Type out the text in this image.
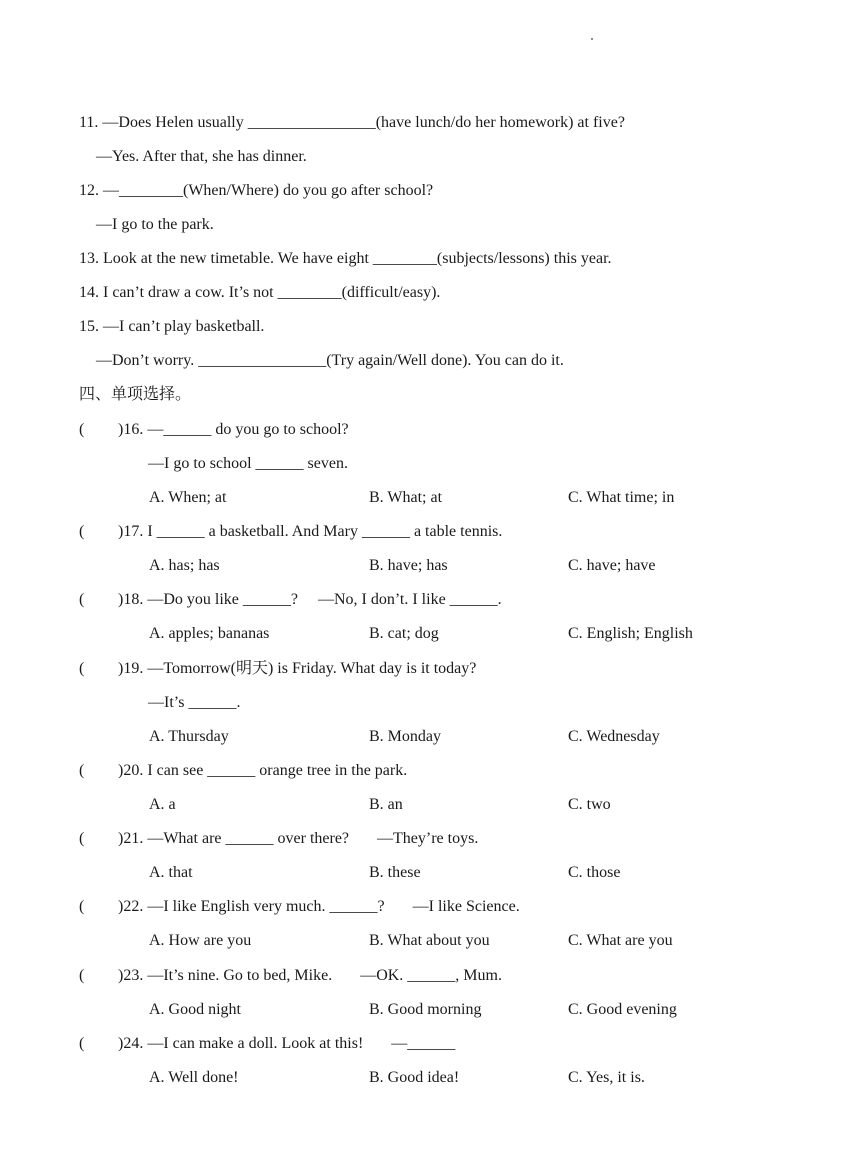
11. —Does Helen usually ________________(have lunch/do her homework) at five?
—Yes. After that, she has dinner.
12. —________(When/Where) do you go after school?
—I go to the park.
13. Look at the new timetable. We have eight ________(subjects/lessons) this year.
14. I can’t draw a cow. It’s not ________(difficult/easy).
15. —I can’t play basketball.
—Don’t worry. ________________(Try again/Well done). You can do it.
四、单项选择。
( )16. —______ do you go to school?
—I go to school ______ seven.
A. When; at	B. What; at	C. What time; in
( )17. I ______ a basketball. And Mary ______ a table tennis.
A. has; has	B. have; has	C. have; have
( )18. —Do you like ______?     —No, I don’t. I like ______.
A. apples; bananas	B. cat; dog	C. English; English
( )19. —Tomorrow(明天) is Friday. What day is it today?
—It’s ______.
A. Thursday	B. Monday	C. Wednesday
( )20. I can see ______ orange tree in the park.
A. a	B. an	C. two
( )21. —What are ______ over there?       —They’re toys.
A. that	B. these	C. those
( )22. —I like English very much. ______?       —I like Science.
A. How are you	B. What about you	C. What are you
( )23. —It’s nine. Go to bed, Mike.       —OK. ______, Mum.
A. Good night	B. Good morning	C. Good evening
( )24. —I can make a doll. Look at this!       —______
A. Well done!	B. Good idea!	C. Yes, it is.
